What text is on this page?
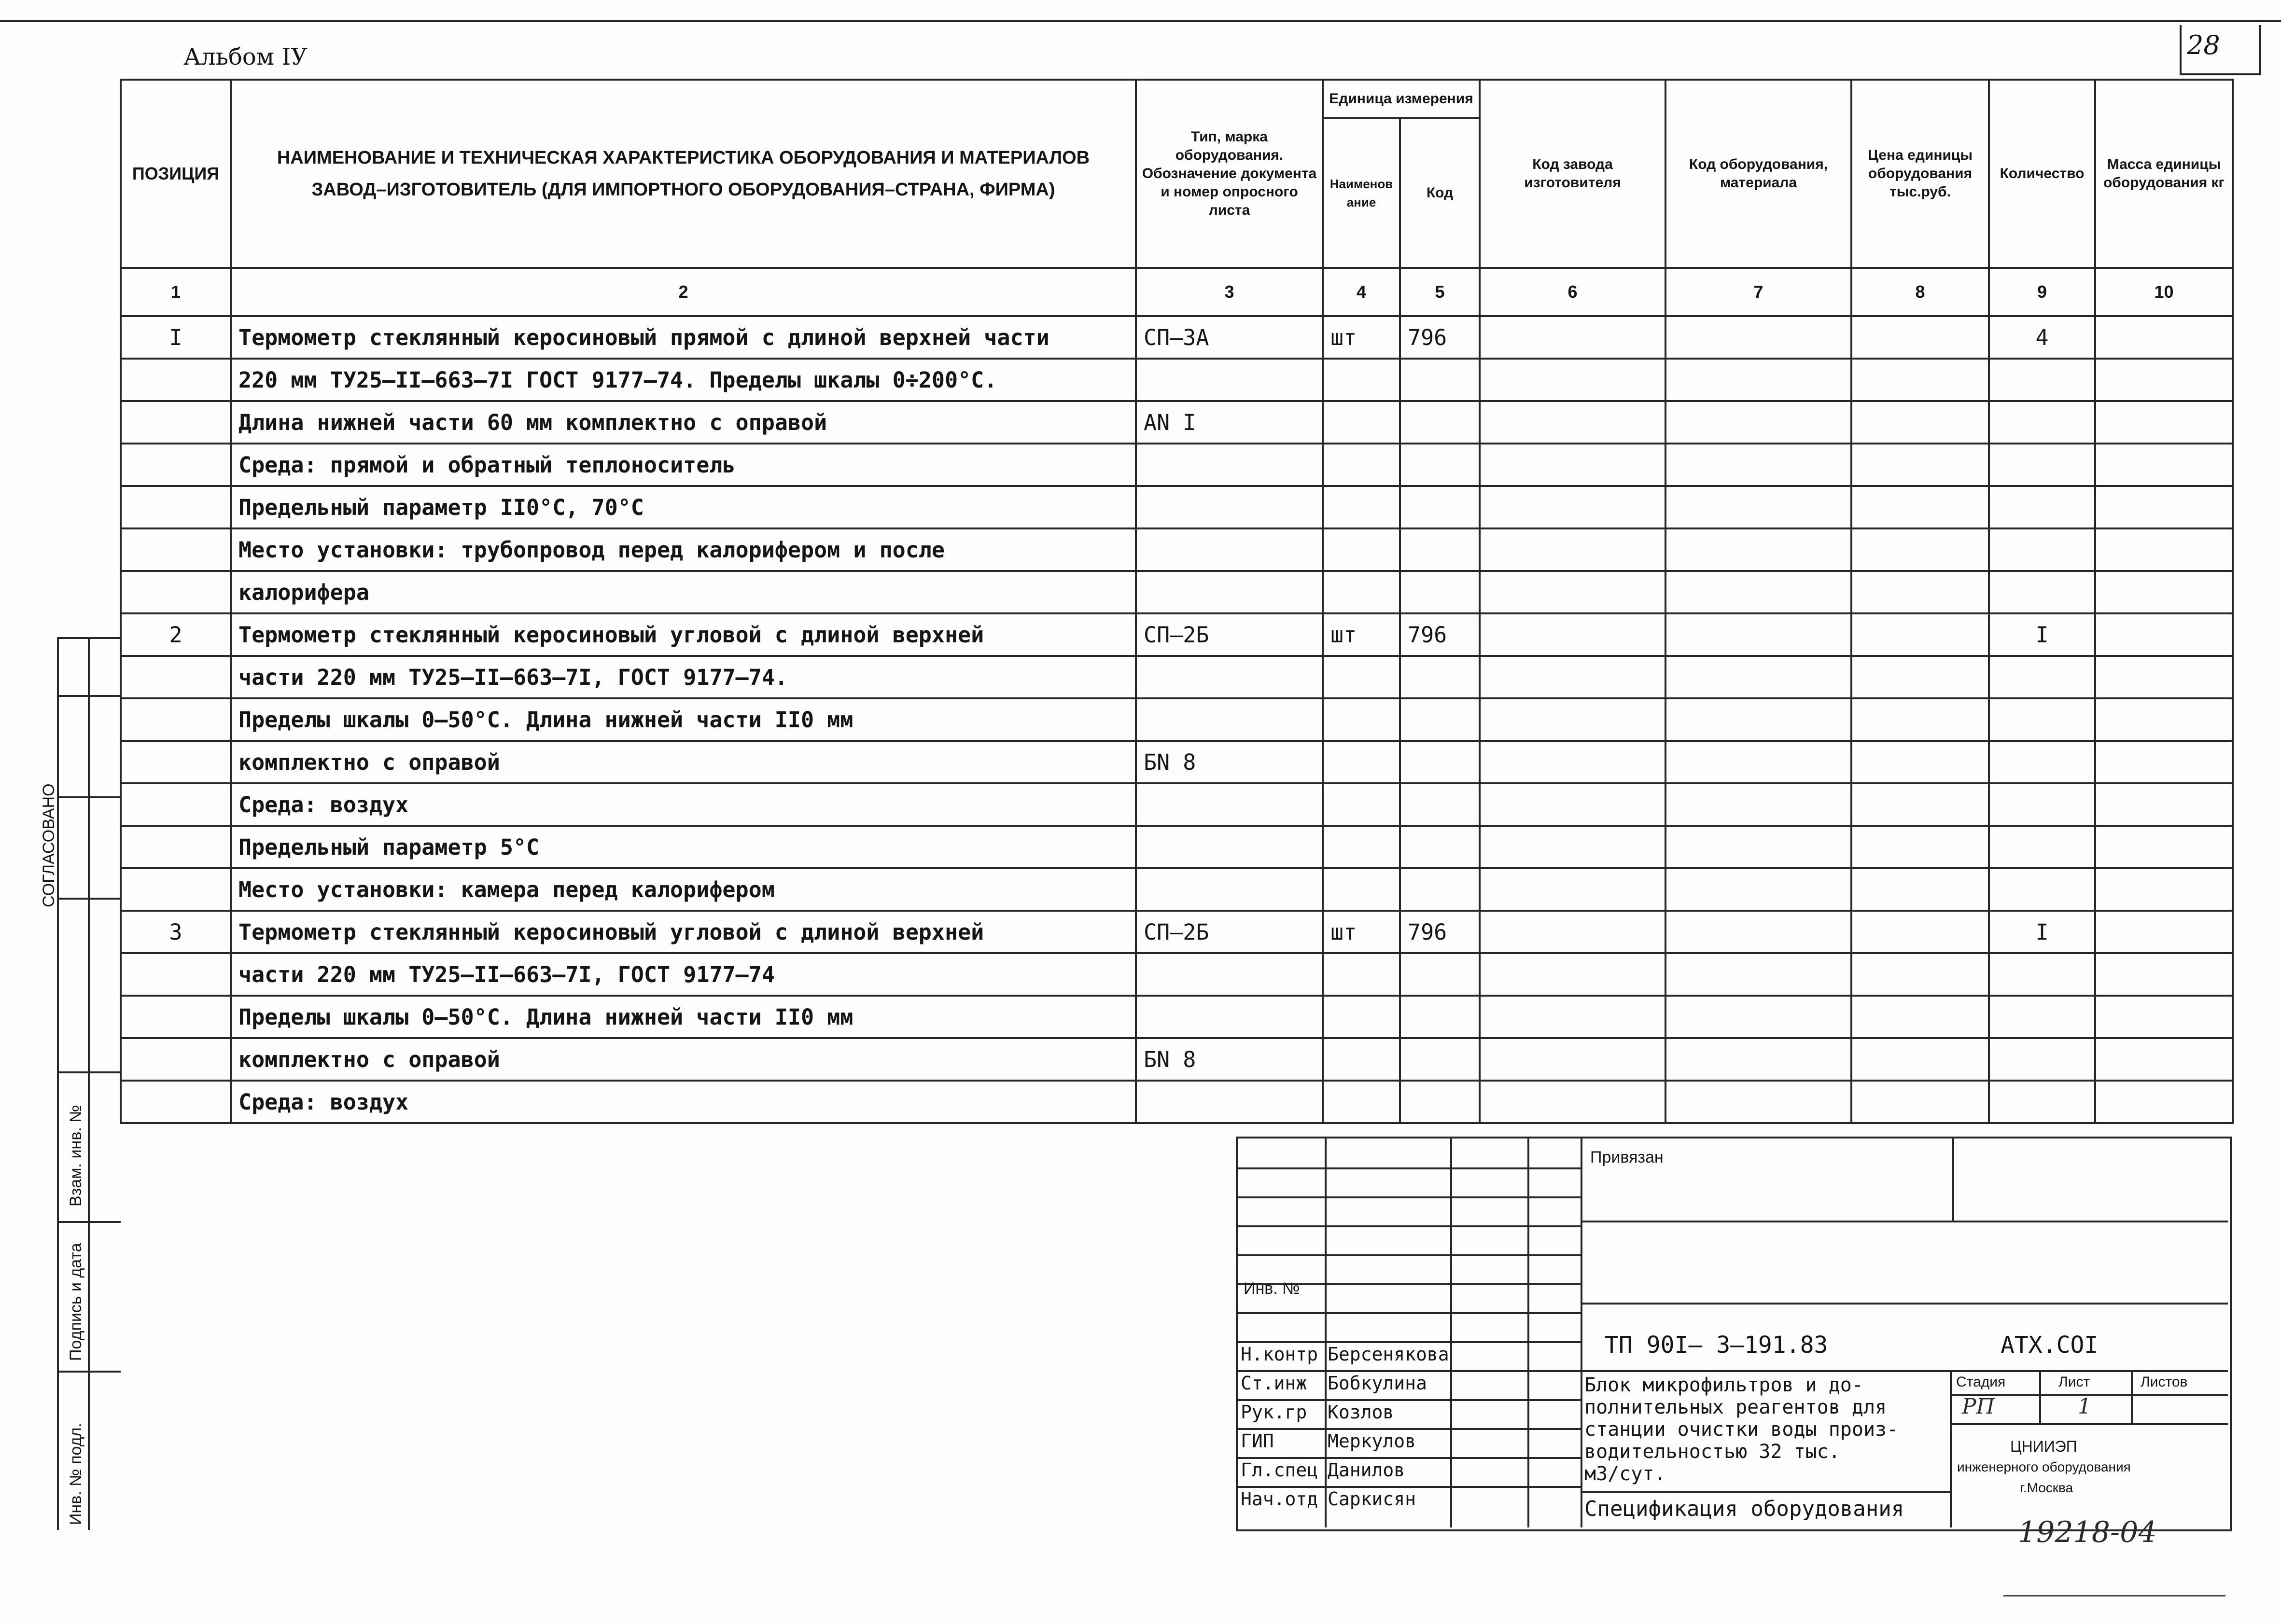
Альбом IУ	28
ПОЗИЦИЯ	НАИМЕНОВАНИЕ И ТЕХНИЧЕСКАЯ ХАРАКТЕРИСТИКА ОБОРУДОВАНИЯ И МАТЕРИАЛОВ
ЗАВОД–ИЗГОТОВИТЕЛЬ (ДЛЯ ИМПОРТНОГО ОБОРУДОВАНИЯ–СТРАНА, ФИРМА)	Тип, марка оборудования. Обозначение документа и номер опросного листа	Единица измерения		Код завода изготовителя	Код оборудования, материала	Цена единицы оборудования тыс.руб.	Количество	Масса единицы оборудования кг
			Наименование	Код					
1	2	3	4	5	6	7	8	9	10
I	Термометр стеклянный керосиновый прямой с длиной верхней части	СП–3А	шт	796				4	
	220 мм ТУ25–II–663–7I ГОСТ 9177–74. Пределы шкалы 0÷200°С.								
	Длина нижней части 60 мм комплектно с оправой	АN I							
	Среда: прямой и обратный теплоноситель								
	Предельный параметр II0°С, 70°С								
	Место установки: трубопровод перед калорифером и после								
	калорифера								
2	Термометр стеклянный керосиновый угловой с длиной верхней	СП–2Б	шт	796				I	
	части 220 мм ТУ25–II–663–7I, ГОСТ 9177–74.								
	Пределы шкалы 0–50°С. Длина нижней части II0 мм								
	комплектно с оправой	БN 8							
	Среда: воздух								
	Предельный параметр 5°С								
	Место установки: камера перед калорифером								
3	Термометр стеклянный керосиновый угловой с длиной верхней	СП–2Б	шт	796				I	
	части 220 мм ТУ25–II–663–7I, ГОСТ 9177–74								
	Пределы шкалы 0–50°С. Длина нижней части II0 мм								
	комплектно с оправой	БN 8							
	Среда: воздух								
СОГЛАСОВАНО
Взам. инв. №
Подпись и дата
Инв. № подл.
Инв. №
Н.контр Берсенякова
Ст.инж Бобкулина
Рук.гр Козлов
ГИП	Меркулов
Гл.спец Данилов
Нач.отд Саркисян
Привязан
ТП 90I– 3–191.83	АТХ.СОI
Блок микрофильтров и до-
полнительных реагентов для
станции очистки воды произ-
водительностью 32 тыс.
м3/сут.
Спецификация оборудования
Стадия	Лист	Листов
РП	1
ЦНИИЭП
инженерного оборудования
г.Москва
19218-04
